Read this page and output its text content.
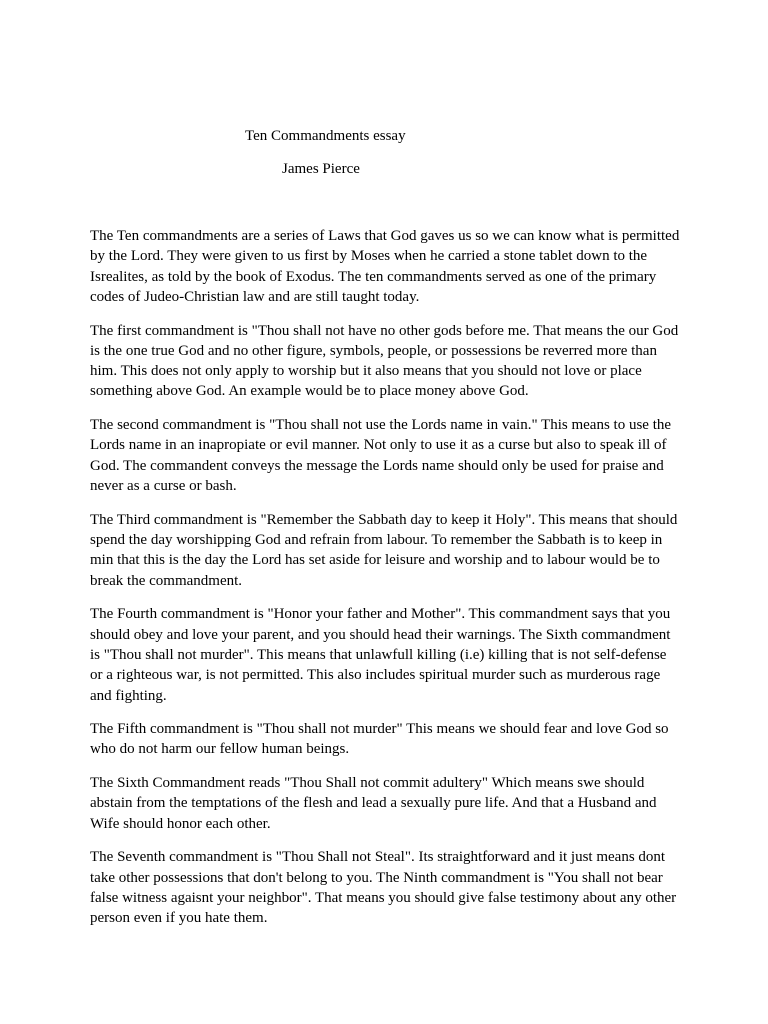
Ten Commandments essay
James Pierce

The Ten commandments are a series of Laws that God gaves us so we can know what is permitted by the Lord. They were given to us first by Moses when he carried a stone tablet down to the Isrealites, as told by the book of Exodus. The ten commandments served as one of the primary codes of Judeo-Christian law and are still taught today.

The first commandment is "Thou shall not have no other gods before me. That means the our God is the one true God and no other figure, symbols, people, or possessions be reverred more than him. This does not only apply to worship but it also means that you should not love or place something above God. An example would be to place money above God.

The second commandment is "Thou shall not use the Lords name in vain." This means to use the Lords name in an inapropiate or evil manner. Not only to use it as a curse but also to speak ill of God. The commandent conveys the message the Lords name should only be used for praise and never as a curse or bash.

The Third commandment is "Remember the Sabbath day to keep it Holy". This means that should spend the day worshipping God and refrain from labour. To remember the Sabbath is to keep in min that this is the day the Lord has set aside for leisure and worship and to labour would be to break the commandment.

The Fourth commandment is "Honor your father and Mother". This commandment says that you should obey and love your parent, and you should head their warnings. The Sixth commandment is "Thou shall not murder". This means that unlawfull killing (i.e) killing that is not self-defense or a righteous war, is not permitted. This also includes spiritual murder such as murderous rage and fighting.

The Fifth commandment is "Thou shall not murder" This means we should fear and love God so who do not harm our fellow human beings.

The Sixth Commandment reads "Thou Shall not commit adultery" Which means swe should abstain from the temptations of the flesh and lead a sexually pure life. And that a Husband and Wife should honor each other.

The Seventh commandment is "Thou Shall not Steal". Its straightforward and it just means dont take other possessions that don't belong to you. The Ninth commandment is "You shall not bear false witness agaisnt your neighbor". That means you should give false testimony about any other person even if you hate them.
